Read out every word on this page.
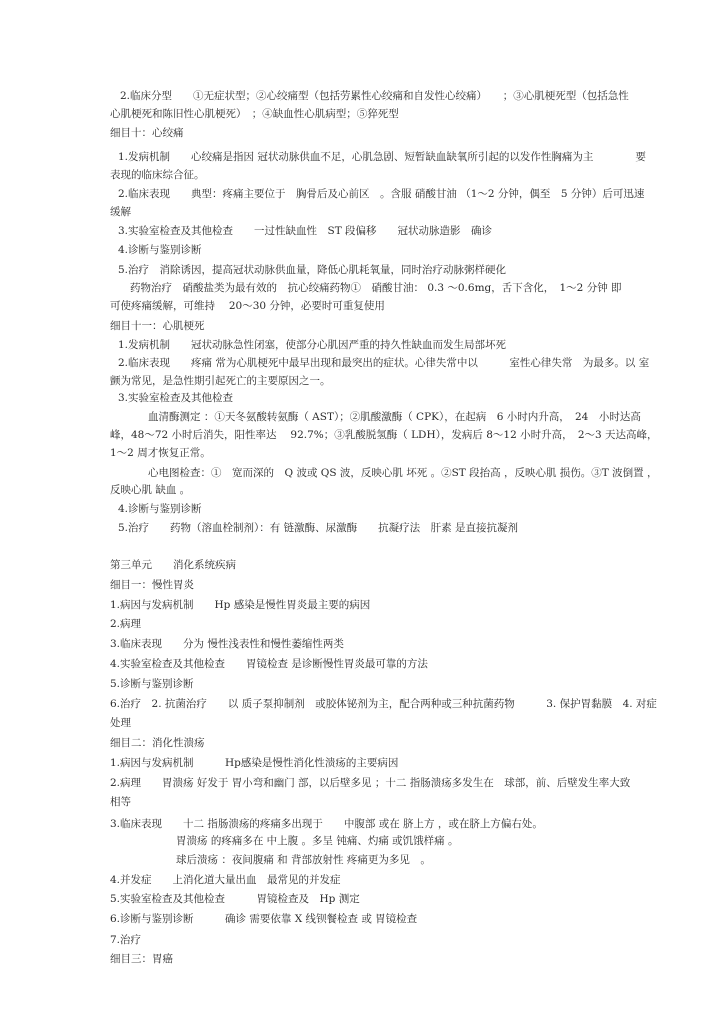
2.临床分型　　①无症状型；②心绞痛型（包括劳累性心绞痛和自发性心绞痛）　　；③心肌梗死型（包括急性
心肌梗死和陈旧性心肌梗死）　；④缺血性心肌病型；⑤猝死型
细目十：心绞痛
1.发病机制　　心绞痛是指因 冠状动脉供血不足，心肌急剧、短暂缺血缺氧所引起的以发作性胸痛为主　　　　要
表现的临床综合征。
2.临床表现　　典型：疼痛主要位于　胸骨后及心前区　。含服 硝酸甘油 （1～2 分钟，偶至　5 分钟）后可迅速
缓解
3.实验室检查及其他检查　　一过性缺血性　ST 段偏移　　冠状动脉造影　确诊
4.诊断与鉴别诊断
5.治疗　消除诱因，提高冠状动脉供血量，降低心肌耗氧量，同时治疗动脉粥样硬化
药物治疗　硝酸盐类为最有效的　抗心绞痛药物①　硝酸甘油： 0.3 ～0.6mg，舌下含化，　1～2 分钟 即
可使疼痛缓解，可维持　 20～30 分钟，必要时可重复使用
细目十一：心肌梗死
1.发病机制　　冠状动脉急性闭塞，使部分心肌因严重的持久性缺血而发生局部坏死
2.临床表现　　疼痛 常为心肌梗死中最早出现和最突出的症状。心律失常中以　　　室性心律失常　为最多。以 室
颤为常见，是急性期引起死亡的主要原因之一。
3.实验室检查及其他检查
血清酶测定 ：①天冬氨酸转氨酶（ AST）；②肌酸激酶（ CPK），在起病　6 小时内升高，　24　小时达高
峰，48～72 小时后消失，阳性率达　 92.7%；③乳酸脱氢酶（ LDH），发病后 8～12 小时升高，　2～3 天达高峰，
1～2 周才恢复正常。
心电图检查：①　宽而深的　Q 波或 QS 波，反映心肌 坏死 。②ST 段抬高 ，反映心肌 损伤。③T 波倒置 ，
反映心肌 缺血 。
4.诊断与鉴别诊断
5.治疗　　药物（溶血栓制剂）：有 链激酶、尿激酶　　抗凝疗法　肝素 是直接抗凝剂
第三单元　　消化系统疾病
细目一：慢性胃炎
1.病因与发病机制　　Hp 感染是慢性胃炎最主要的病因
2.病理
3.临床表现　　分为 慢性浅表性和慢性萎缩性两类
4.实验室检查及其他检查　　胃镜检查 是诊断慢性胃炎最可靠的方法
5.诊断与鉴别诊断
6.治疗　2. 抗菌治疗　　以 质子泵抑制剂　或胶体铋剂为主，配合两种或三种抗菌药物　　　3. 保护胃黏膜　4. 对症
处理
细目二：消化性溃疡
1.病因与发病机制　　　Hp感染是慢性消化性溃疡的主要病因
2.病理　　胃溃疡 好发于 胃小弯和幽门 部，以后壁多见 ；十二 指肠溃疡多发生在　球部，前、后壁发生率大致
相等
3.临床表现　　十二 指肠溃疡的疼痛多出现于　　中腹部 或在 脐上方 ，或在脐上方偏右处。
胃溃疡 的疼痛多在 中上腹 。多呈 钝痛、灼痛 或饥饿样痛 。
球后溃疡 ：夜间腹痛 和 背部放射性 疼痛更为多见　。
4.并发症　　上消化道大量出血　最常见的并发症
5.实验室检查及其他检查　　　胃镜检查及　Hp 测定
6.诊断与鉴别诊断　　　确诊 需要依靠 X 线钡餐检查 或 胃镜检查
7.治疗
细目三：胃癌
